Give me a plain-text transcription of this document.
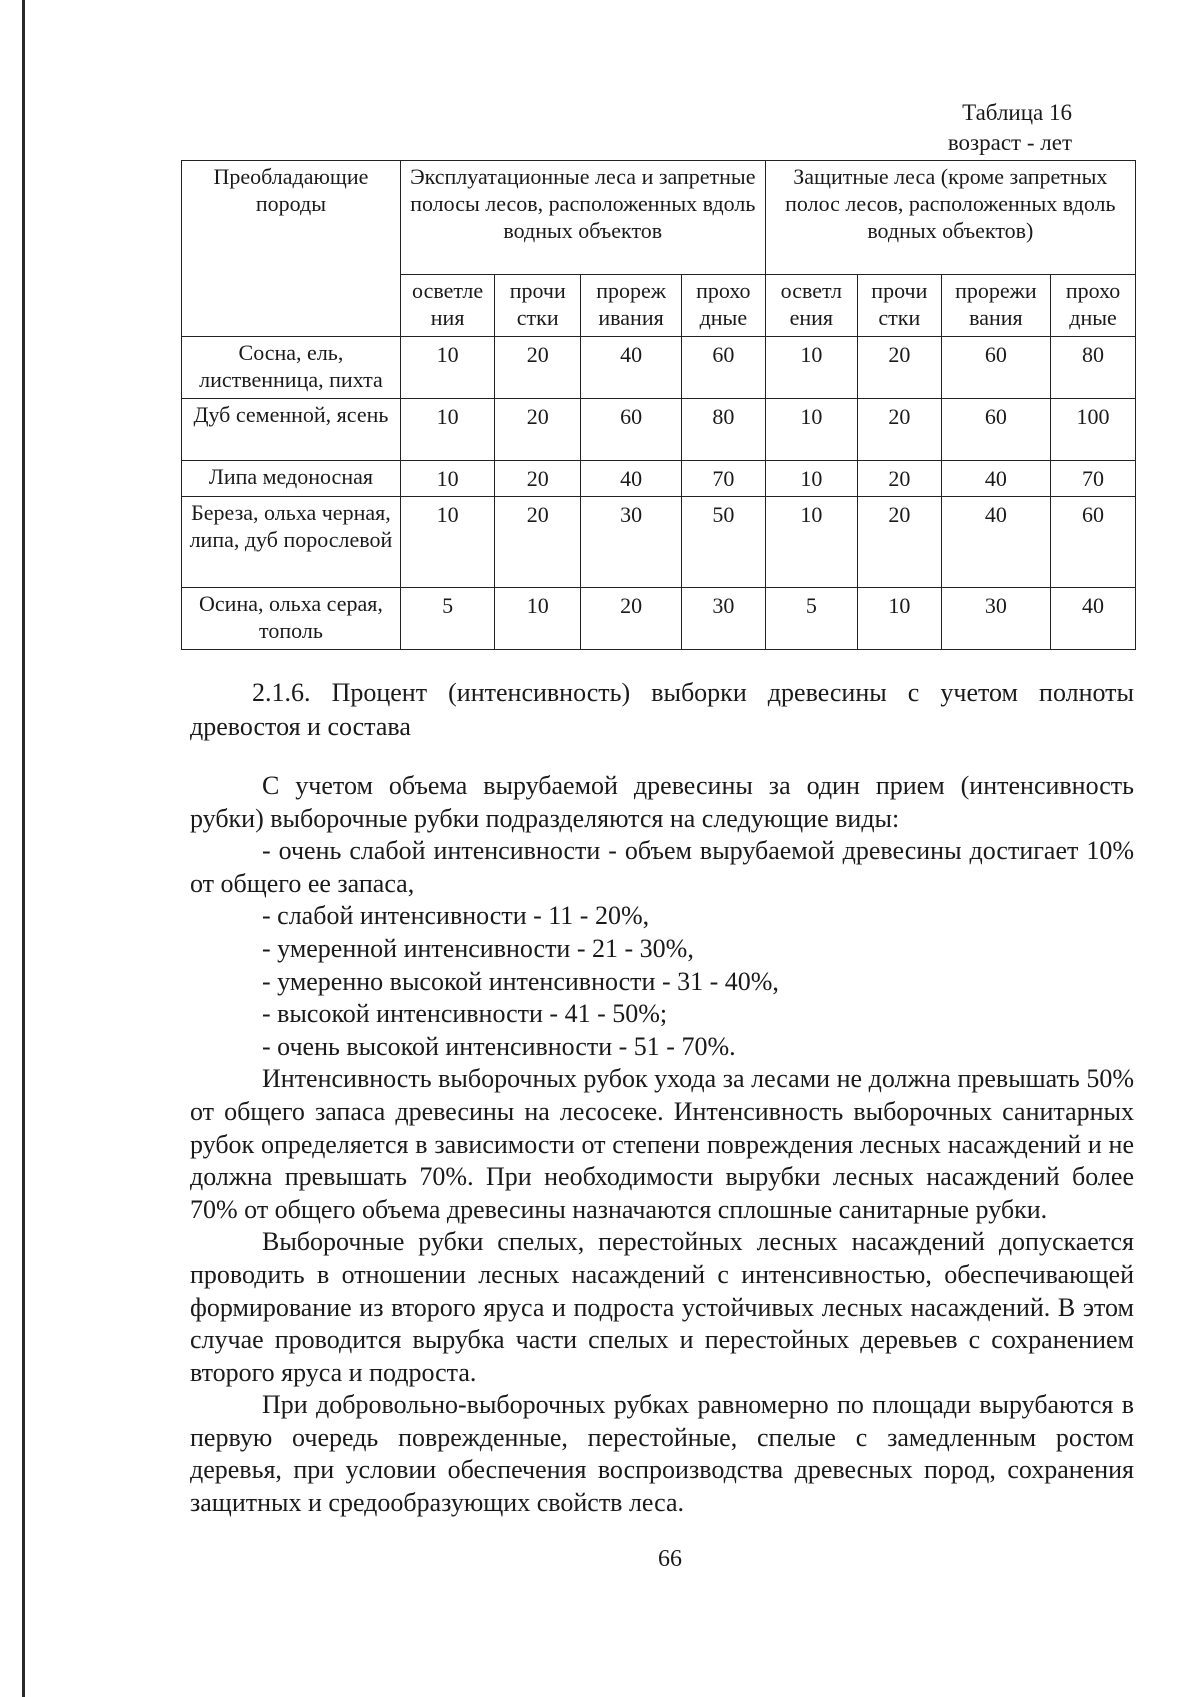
Таблица 16
возраст - лет
Преобладающие породы	Эксплуатационные леса и запретные полосы лесов, расположенных вдоль водных объектов				Защитные леса (кроме запретных полос лесов, расположенных вдоль водных объектов)			
	осветле ния	прочи стки	прореж ивания	прохо дные	осветл ения	прочи стки	прорежи вания	прохо дные
Сосна, ель, лиственница, пихта	10	20	40	60	10	20	60	80
Дуб семенной, ясень	10	20	60	80	10	20	60	100
Липа медоносная	10	20	40	70	10	20	40	70
Береза, ольха черная, липа, дуб порослевой	10	20	30	50	10	20	40	60
Осина, ольха серая, тополь	5	10	20	30	5	10	30	40
2.1.6. Процент (интенсивность) выборки древесины с учетом полноты древостоя и состава

С учетом объема вырубаемой древесины за один прием (интенсивность рубки) выборочные рубки подразделяются на следующие виды:

- очень слабой интенсивности - объем вырубаемой древесины достигает 10% от общего ее запаса,

- слабой интенсивности - 11 - 20%,

- умеренной интенсивности - 21 - 30%,

- умеренно высокой интенсивности - 31 - 40%,

- высокой интенсивности - 41 - 50%;

- очень высокой интенсивности - 51 - 70%.

Интенсивность выборочных рубок ухода за лесами не должна превышать 50% от общего запаса древесины на лесосеке. Интенсивность выборочных санитарных рубок определяется в зависимости от степени повреждения лесных насаждений и не должна превышать 70%. При необходимости вырубки лесных насаждений более 70% от общего объема древесины назначаются сплошные санитарные рубки.

Выборочные рубки спелых, перестойных лесных насаждений допускается проводить в отношении лесных насаждений с интенсивностью, обеспечивающей формирование из второго яруса и подроста устойчивых лесных насаждений. В этом случае проводится вырубка части спелых и перестойных деревьев с сохранением второго яруса и подроста.

При добровольно-выборочных рубках равномерно по площади вырубаются в первую очередь поврежденные, перестойные, спелые с замедленным ростом деревья, при условии обеспечения воспроизводства древесных пород, сохранения защитных и средообразующих свойств леса.

66
